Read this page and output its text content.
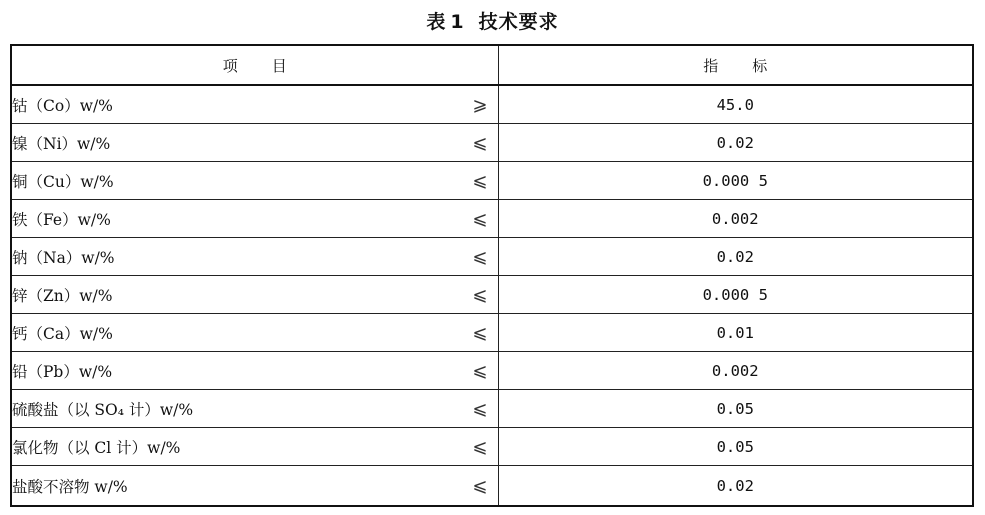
表 1 技术要求
项目	指标
钴（Co）w/% ⩾	45.0
镍（Ni）w/% ⩽	0.02
铜（Cu）w/% ⩽	0.000 5
铁（Fe）w/% ⩽	0.002
钠（Na）w/% ⩽	0.02
锌（Zn）w/% ⩽	0.000 5
钙（Ca）w/% ⩽	0.01
铅（Pb）w/% ⩽	0.002
硫酸盐（以 SO₄ 计）w/% ⩽	0.05
氯化物（以 Cl 计）w/% ⩽	0.05
盐酸不溶物 w/% ⩽	0.02
